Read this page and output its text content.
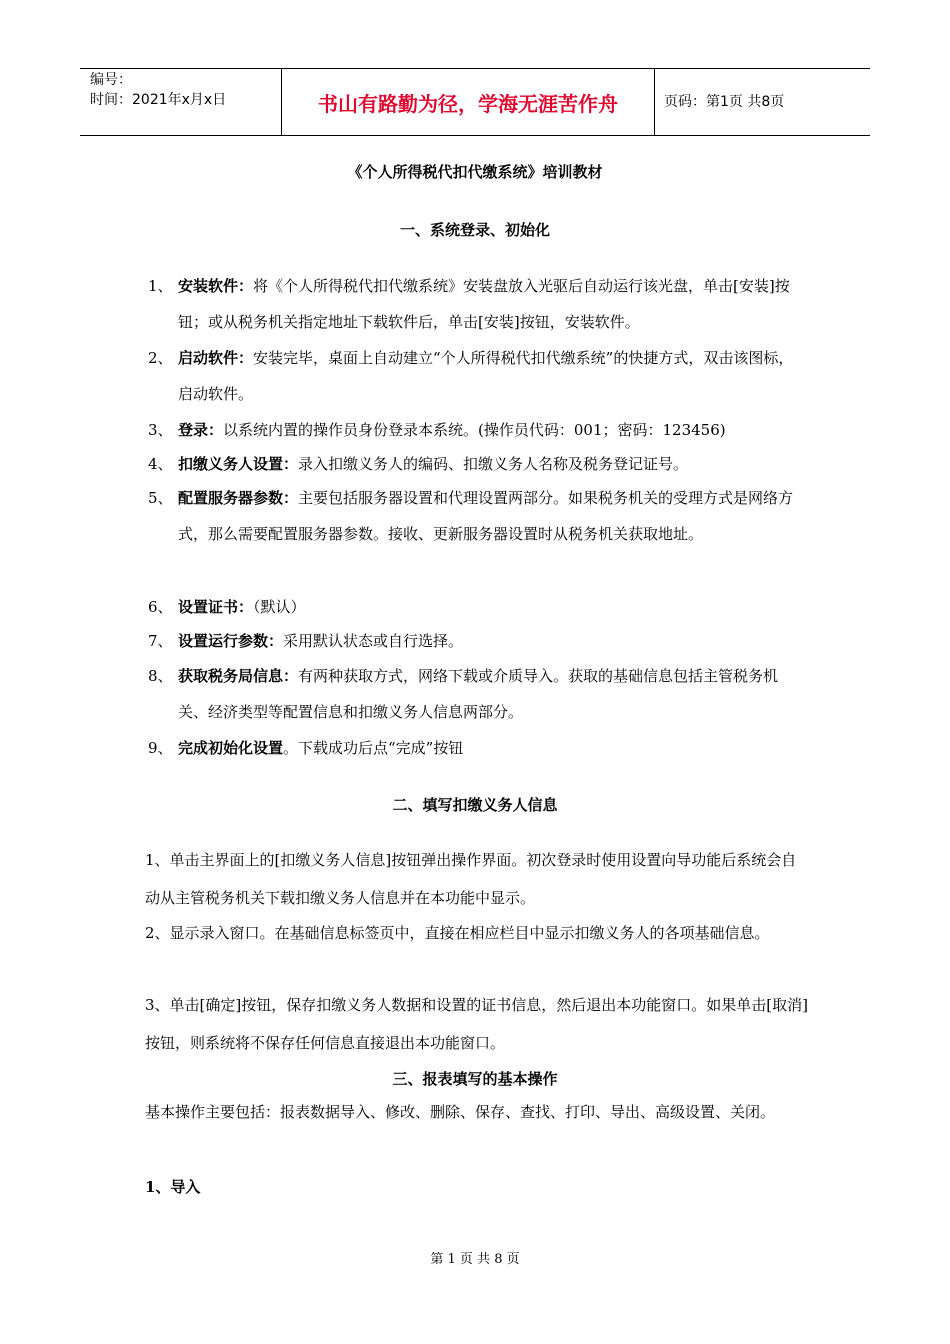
编号：
时间：2021年x月x日	书山有路勤为径，学海无涯苦作舟	页码：第1页 共8页
《个人所得税代扣代缴系统》培训教材
一、系统登录、初始化
1、 安装软件：将《个人所得税代扣代缴系统》安装盘放入光驱后自动运行该光盘，单击[安装]按钮；或从税务机关指定地址下载软件后，单击[安装]按钮，安装软件。
2、 启动软件：安装完毕，桌面上自动建立“个人所得税代扣代缴系统”的快捷方式，双击该图标，启动软件。
3、 登录：以系统内置的操作员身份登录本系统。(操作员代码：001；密码：123456)
4、 扣缴义务人设置：录入扣缴义务人的编码、扣缴义务人名称及税务登记证号。
5、 配置服务器参数：主要包括服务器设置和代理设置两部分。如果税务机关的受理方式是网络方式，那么需要配置服务器参数。接收、更新服务器设置时从税务机关获取地址。
6、 设置证书：（默认）
7、 设置运行参数：采用默认状态或自行选择。
8、 获取税务局信息：有两种获取方式，网络下载或介质导入。获取的基础信息包括主管税务机关、经济类型等配置信息和扣缴义务人信息两部分。
9、 完成初始化设置。下载成功后点“完成”按钮
二、填写扣缴义务人信息
1、单击主界面上的[扣缴义务人信息]按钮弹出操作界面。初次登录时使用设置向导功能后系统会自动从主管税务机关下载扣缴义务人信息并在本功能中显示。
2、显示录入窗口。在基础信息标签页中，直接在相应栏目中显示扣缴义务人的各项基础信息。
3、单击[确定]按钮，保存扣缴义务人数据和设置的证书信息，然后退出本功能窗口。如果单击[取消]按钮，则系统将不保存任何信息直接退出本功能窗口。
三、报表填写的基本操作
基本操作主要包括：报表数据导入、修改、删除、保存、查找、打印、导出、高级设置、关闭。
1、导入
第 1 页 共 8 页
